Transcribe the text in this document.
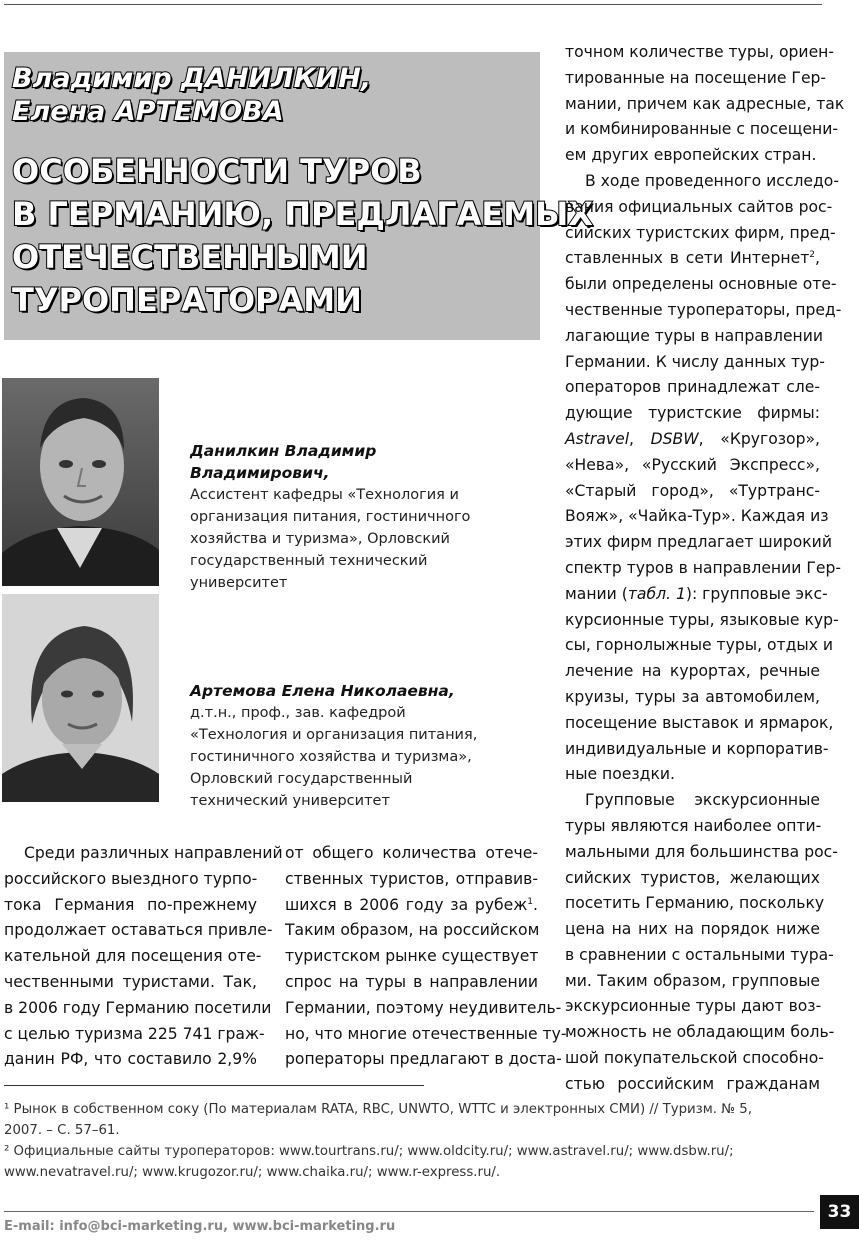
Владимир ДАНИЛКИН,
Елена АРТЕМОВА
ОСОБЕННОСТИ ТУРОВ
В ГЕРМАНИЮ, ПРЕДЛАГАЕМЫХ
ОТЕЧЕСТВЕННЫМИ
ТУРОПЕРАТОРАМИ
Данилкин Владимир
Владимирович,
Ассистент кафедры «Технология и
организация питания, гостиничного
хозяйства и туризма», Орловский
государственный технический
университет
Артемова Елена Николаевна,
д.т.н., проф., зав. кафедрой
«Технология и организация питания,
гостиничного хозяйства и туризма»,
Орловский государственный
технический университет
Среди различных направлений
российского выездного турпо-
тока Германия по-прежнему
продолжает оставаться привле-
кательной для посещения оте-
чественными туристами. Так,
в 2006 году Германию посетили
с целью туризма 225 741 граж-
данин РФ, что составило 2,9%
от общего количества отече-
ственных туристов, отправив-
шихся в 2006 году за рубеж$^1$.
Таким образом, на российском
туристском рынке существует
спрос на туры в направлении
Германии, поэтому неудивитель-
но, что многие отечественные ту-
роператоры предлагают в доста-
точном количестве туры, ориен-
тированные на посещение Гер-
мании, причем как адресные, так
и комбинированные с посещени-
ем других европейских стран.
В ходе проведенного исследо-
вания официальных сайтов рос-
сийских туристских фирм, пред-
ставленных в сети Интернет$^2$,
были определены основные оте-
чественные туроператоры, пред-
лагающие туры в направлении
Германии. К числу данных тур-
операторов принадлежат сле-
дующие туристские фирмы:
Astravel, DSBW, «Кругозор»,
«Нева», «Русский Экспресс»,
«Старый город», «Туртранс-
Вояж», «Чайка-Тур». Каждая из
этих фирм предлагает широкий
спектр туров в направлении Гер-
мании (табл. 1): групповые экс-
курсионные туры, языковые кур-
сы, горнолыжные туры, отдых и
лечение на курортах, речные
круизы, туры за автомобилем,
посещение выставок и ярмарок,
индивидуальные и корпоратив-
ные поездки.
Групповые экскурсионные
туры являются наиболее опти-
мальными для большинства рос-
сийских туристов, желающих
посетить Германию, поскольку
цена на них на порядок ниже
в сравнении с остальными тура-
ми. Таким образом, групповые
экскурсионные туры дают воз-
можность не обладающим боль-
шой покупательской способно-
стью российским гражданам
¹ Рынок в собственном соку (По материалам RATA, RBC, UNWTO, WTTC и электронных СМИ) // Туризм. № 5,
2007. – С. 57–61.
² Официальные сайты туроператоров: www.tourtrans.ru/; www.oldcity.ru/; www.astravel.ru/; www.dsbw.ru/;
www.nevatravel.ru/; www.krugozor.ru/; www.chaika.ru/; www.r-express.ru/.
E-mail: info@bci-marketing.ru, www.bci-marketing.ru
33
